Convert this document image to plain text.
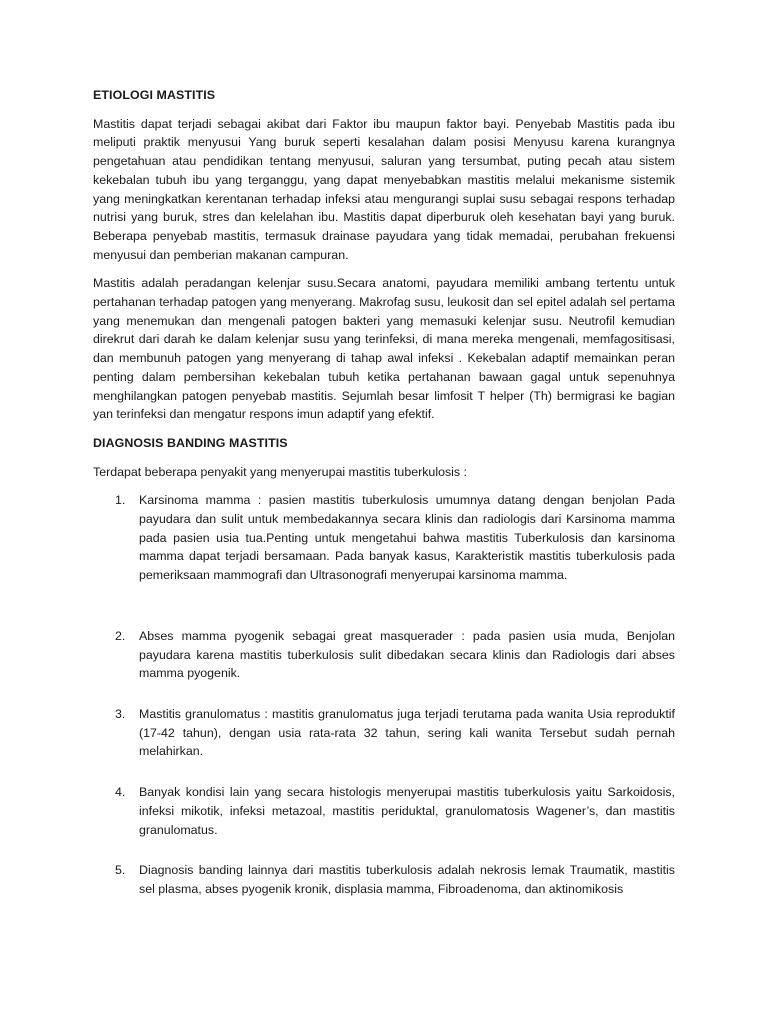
ETIOLOGI MASTITIS

Mastitis dapat terjadi sebagai akibat dari Faktor ibu maupun faktor bayi. Penyebab Mastitis pada ibu meliputi praktik menyusui Yang buruk seperti kesalahan dalam posisi Menyusu karena kurangnya pengetahuan atau pendidikan tentang menyusui, saluran yang tersumbat, puting pecah atau sistem kekebalan tubuh ibu yang terganggu, yang dapat menyebabkan mastitis melalui mekanisme sistemik yang meningkatkan kerentanan terhadap infeksi atau mengurangi suplai susu sebagai respons terhadap nutrisi yang buruk, stres dan kelelahan ibu. Mastitis dapat diperburuk oleh kesehatan bayi yang buruk. Beberapa penyebab mastitis, termasuk drainase payudara yang tidak memadai, perubahan frekuensi menyusui dan pemberian makanan campuran.

Mastitis adalah peradangan kelenjar susu.Secara anatomi, payudara memiliki ambang tertentu untuk pertahanan terhadap patogen yang menyerang. Makrofag susu, leukosit dan sel epitel adalah sel pertama yang menemukan dan mengenali patogen bakteri yang memasuki kelenjar susu. Neutrofil kemudian direkrut dari darah ke dalam kelenjar susu yang terinfeksi, di mana mereka mengenali, memfagositisasi, dan membunuh patogen yang menyerang di tahap awal infeksi . Kekebalan adaptif memainkan peran penting dalam pembersihan kekebalan tubuh ketika pertahanan bawaan gagal untuk sepenuhnya menghilangkan patogen penyebab mastitis. Sejumlah besar limfosit T helper (Th) bermigrasi ke bagian yan terinfeksi dan mengatur respons imun adaptif yang efektif.

DIAGNOSIS BANDING MASTITIS

Terdapat beberapa penyakit yang menyerupai mastitis tuberkulosis :

1. Karsinoma mamma : pasien mastitis tuberkulosis umumnya datang dengan benjolan Pada payudara dan sulit untuk membedakannya secara klinis dan radiologis dari Karsinoma mamma pada pasien usia tua.Penting untuk mengetahui bahwa mastitis Tuberkulosis dan karsinoma mamma dapat terjadi bersamaan. Pada banyak kasus, Karakteristik mastitis tuberkulosis pada pemeriksaan mammografi dan Ultrasonografi menyerupai karsinoma mamma.
2. Abses mamma pyogenik sebagai great masquerader : pada pasien usia muda, Benjolan payudara karena mastitis tuberkulosis sulit dibedakan secara klinis dan Radiologis dari abses mamma pyogenik.
3. Mastitis granulomatus : mastitis granulomatus juga terjadi terutama pada wanita Usia reproduktif (17-42 tahun), dengan usia rata-rata 32 tahun, sering kali wanita Tersebut sudah pernah melahirkan.
4. Banyak kondisi lain yang secara histologis menyerupai mastitis tuberkulosis yaitu Sarkoidosis, infeksi mikotik, infeksi metazoal, mastitis periduktal, granulomatosis Wagener’s, dan mastitis granulomatus.
5. Diagnosis banding lainnya dari mastitis tuberkulosis adalah nekrosis lemak Traumatik, mastitis sel plasma, abses pyogenik kronik, displasia mamma, Fibroadenoma, dan aktinomikosis
